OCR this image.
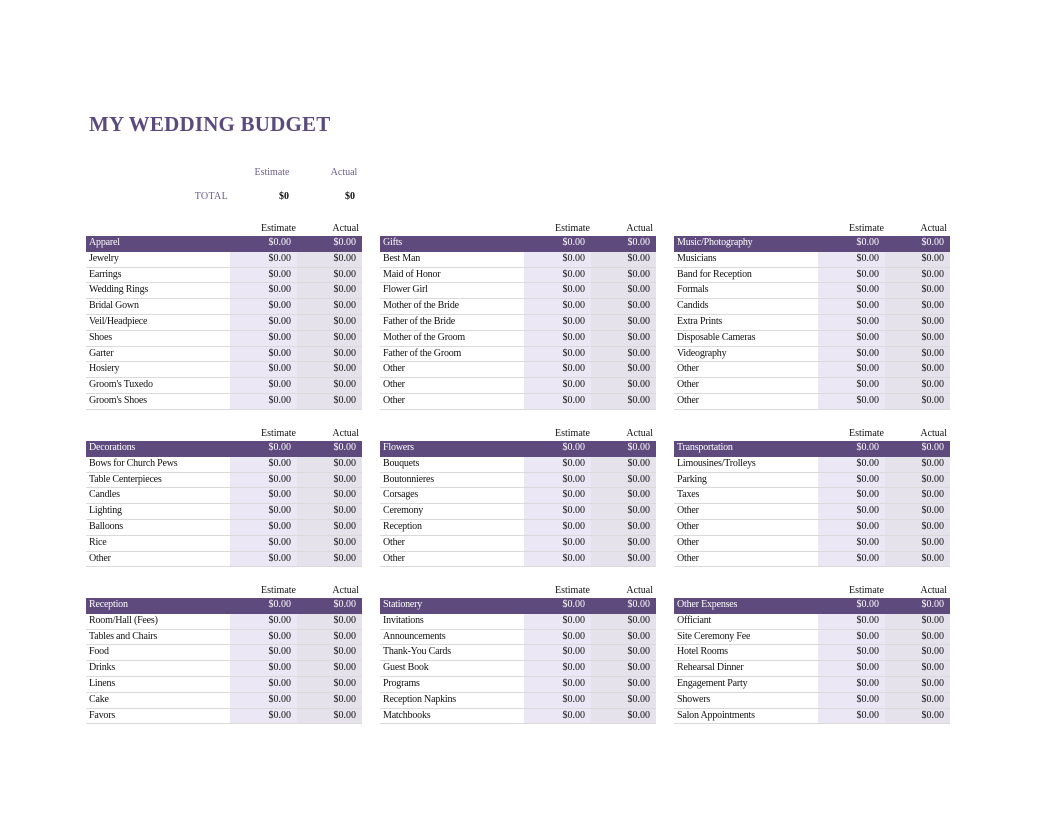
MY WEDDING BUDGET
Estimate	Actual
TOTAL	$0	$0
Estimate	Actual
Apparel	$0.00	$0.00
Jewelry	$0.00	$0.00
Earrings	$0.00	$0.00
Wedding Rings	$0.00	$0.00
Bridal Gown	$0.00	$0.00
Veil/Headpiece	$0.00	$0.00
Shoes	$0.00	$0.00
Garter	$0.00	$0.00
Hosiery	$0.00	$0.00
Groom's Tuxedo	$0.00	$0.00
Groom's Shoes	$0.00	$0.00
Estimate	Actual
Gifts	$0.00	$0.00
Best Man	$0.00	$0.00
Maid of Honor	$0.00	$0.00
Flower Girl	$0.00	$0.00
Mother of the Bride	$0.00	$0.00
Father of the Bride	$0.00	$0.00
Mother of the Groom	$0.00	$0.00
Father of the Groom	$0.00	$0.00
Other	$0.00	$0.00
Other	$0.00	$0.00
Other	$0.00	$0.00
Estimate	Actual
Music/Photography	$0.00	$0.00
Musicians	$0.00	$0.00
Band for Reception	$0.00	$0.00
Formals	$0.00	$0.00
Candids	$0.00	$0.00
Extra Prints	$0.00	$0.00
Disposable Cameras	$0.00	$0.00
Videography	$0.00	$0.00
Other	$0.00	$0.00
Other	$0.00	$0.00
Other	$0.00	$0.00
Estimate	Actual
Decorations	$0.00	$0.00
Bows for Church Pews	$0.00	$0.00
Table Centerpieces	$0.00	$0.00
Candles	$0.00	$0.00
Lighting	$0.00	$0.00
Balloons	$0.00	$0.00
Rice	$0.00	$0.00
Other	$0.00	$0.00
Estimate	Actual
Flowers	$0.00	$0.00
Bouquets	$0.00	$0.00
Boutonnieres	$0.00	$0.00
Corsages	$0.00	$0.00
Ceremony	$0.00	$0.00
Reception	$0.00	$0.00
Other	$0.00	$0.00
Other	$0.00	$0.00
Estimate	Actual
Transportation	$0.00	$0.00
Limousines/Trolleys	$0.00	$0.00
Parking	$0.00	$0.00
Taxes	$0.00	$0.00
Other	$0.00	$0.00
Other	$0.00	$0.00
Other	$0.00	$0.00
Other	$0.00	$0.00
Estimate	Actual
Reception	$0.00	$0.00
Room/Hall (Fees)	$0.00	$0.00
Tables and Chairs	$0.00	$0.00
Food	$0.00	$0.00
Drinks	$0.00	$0.00
Linens	$0.00	$0.00
Cake	$0.00	$0.00
Favors	$0.00	$0.00
Estimate	Actual
Stationery	$0.00	$0.00
Invitations	$0.00	$0.00
Announcements	$0.00	$0.00
Thank-You Cards	$0.00	$0.00
Guest Book	$0.00	$0.00
Programs	$0.00	$0.00
Reception Napkins	$0.00	$0.00
Matchbooks	$0.00	$0.00
Estimate	Actual
Other Expenses	$0.00	$0.00
Officiant	$0.00	$0.00
Site Ceremony Fee	$0.00	$0.00
Hotel Rooms	$0.00	$0.00
Rehearsal Dinner	$0.00	$0.00
Engagement Party	$0.00	$0.00
Showers	$0.00	$0.00
Salon Appointments	$0.00	$0.00
